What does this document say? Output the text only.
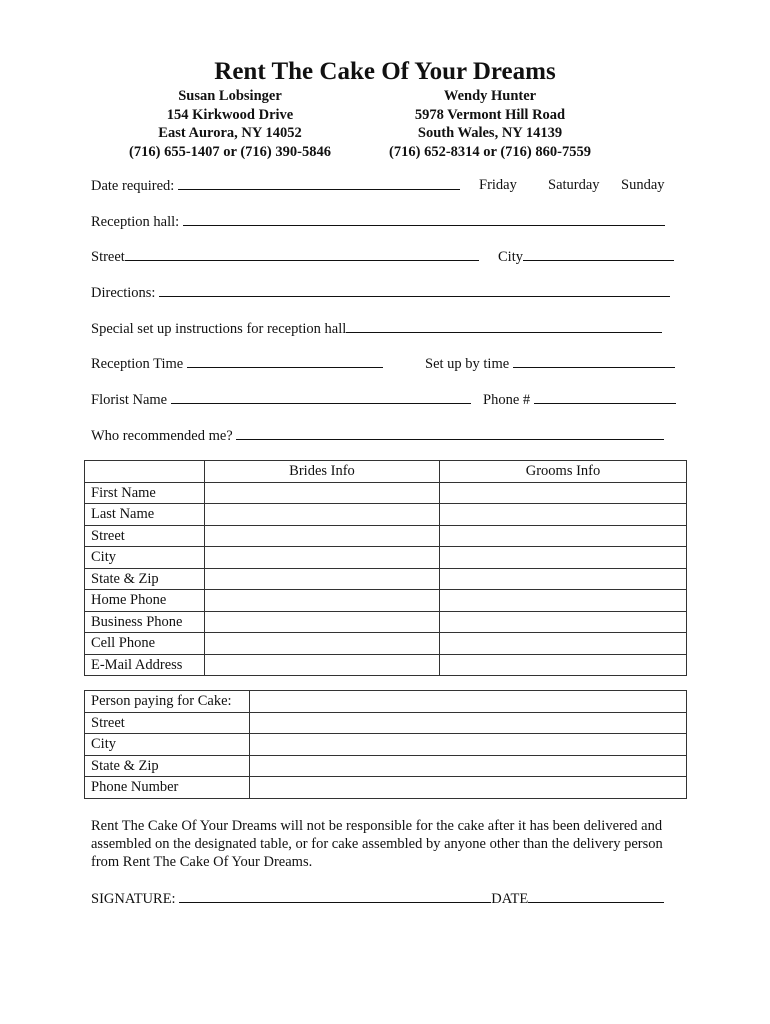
Rent The Cake Of Your Dreams
Susan Lobsinger
154 Kirkwood Drive
East Aurora, NY 14052
(716) 655-1407 or (716) 390-5846
Wendy Hunter
5978 Vermont Hill Road
South Wales, NY 14139
(716) 652-8314 or (716) 860-7559
Date required:	Friday Saturday Sunday
Reception hall:
Street	City
Directions:
Special set up instructions for reception hall
Reception Time	Set up by time
Florist Name	Phone #
Who recommended me?
	Brides Info	Grooms Info
First Name		
Last Name		
Street		
City		
State & Zip		
Home Phone		
Business Phone		
Cell Phone		
E-Mail Address		
Person paying for Cake:	
Street	
City	
State & Zip	
Phone Number	
Rent The Cake Of Your Dreams will not be responsible for the cake after it has been delivered and assembled on the designated table, or for cake assembled by anyone other than the delivery person from Rent The Cake Of Your Dreams.
SIGNATURE:	DATE
